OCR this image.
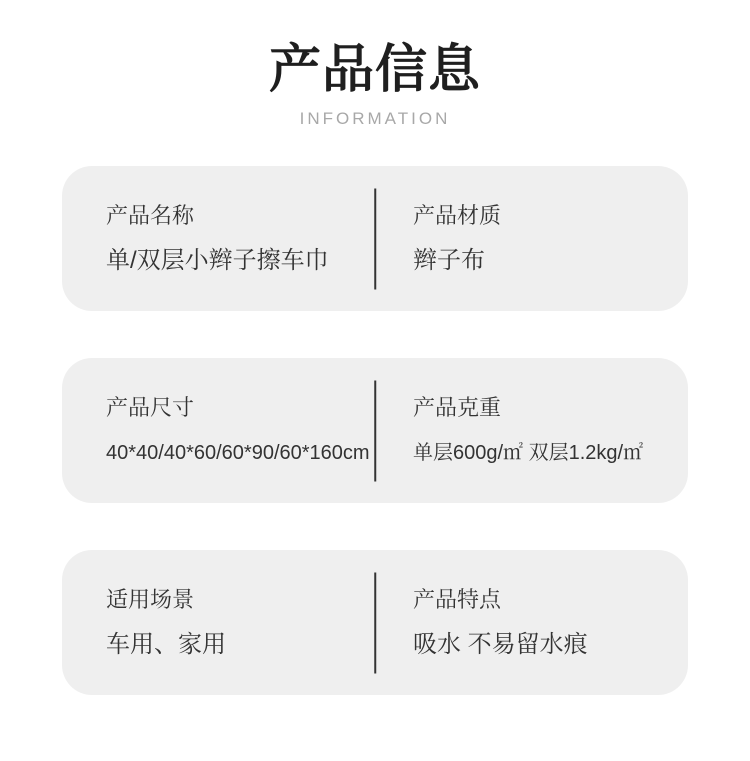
产品信息
INFORMATION
产品名称
单/双层小辫子擦车巾
产品材质
辫子布
产品尺寸
40*40/40*60/60*90/60*160cm
产品克重
单层600g/㎡ 双层1.2kg/㎡
适用场景
车用、家用
产品特点
吸水 不易留水痕
